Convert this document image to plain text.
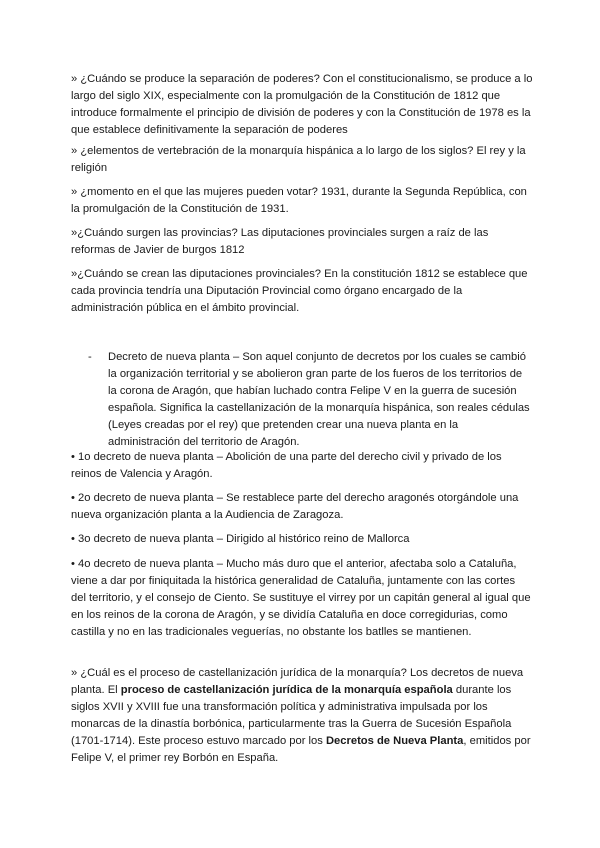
» ¿Cuándo se produce la separación de poderes? Con el constitucionalismo, se produce a lo largo del siglo XIX, especialmente con la promulgación de la Constitución de 1812 que introduce formalmente el principio de división de poderes y con la Constitución de 1978 es la que establece definitivamente la separación de poderes

» ¿elementos de vertebración de la monarquía hispánica a lo largo de los siglos? El rey y la religión

» ¿momento en el que las mujeres pueden votar? 1931, durante la Segunda República, con la promulgación de la Constitución de 1931.

»¿Cuándo surgen las provincias? Las diputaciones provinciales surgen a raíz de las reformas de Javier de burgos 1812

»¿Cuándo se crean las diputaciones provinciales? En la constitución 1812 se establece que cada provincia tendría una Diputación Provincial como órgano encargado de la administración pública en el ámbito provincial.

- Decreto de nueva planta – Son aquel conjunto de decretos por los cuales se cambió la organización territorial y se abolieron gran parte de los fueros de los territorios de la corona de Aragón, que habían luchado contra Felipe V en la guerra de sucesión española. Significa la castellanización de la monarquía hispánica, son reales cédulas (Leyes creadas por el rey) que pretenden crear una nueva planta en la administración del territorio de Aragón.

• 1o decreto de nueva planta – Abolición de una parte del derecho civil y privado de los reinos de Valencia y Aragón.

• 2o decreto de nueva planta – Se restablece parte del derecho aragonés otorgándole una nueva organización planta a la Audiencia de Zaragoza.

• 3o decreto de nueva planta – Dirigido al histórico reino de Mallorca

• 4o decreto de nueva planta – Mucho más duro que el anterior, afectaba solo a Cataluña, viene a dar por finiquitada la histórica generalidad de Cataluña, juntamente con las cortes del territorio, y el consejo de Ciento. Se sustituye el virrey por un capitán general al igual que en los reinos de la corona de Aragón, y se dividía Cataluña en doce corregidurias, como castilla y no en las tradicionales veguerías, no obstante los batlles se mantienen.

» ¿Cuál es el proceso de castellanización jurídica de la monarquía? Los decretos de nueva planta. El proceso de castellanización jurídica de la monarquía española durante los siglos XVII y XVIII fue una transformación política y administrativa impulsada por los monarcas de la dinastía borbónica, particularmente tras la Guerra de Sucesión Española (1701-1714). Este proceso estuvo marcado por los Decretos de Nueva Planta, emitidos por Felipe V, el primer rey Borbón en España.
